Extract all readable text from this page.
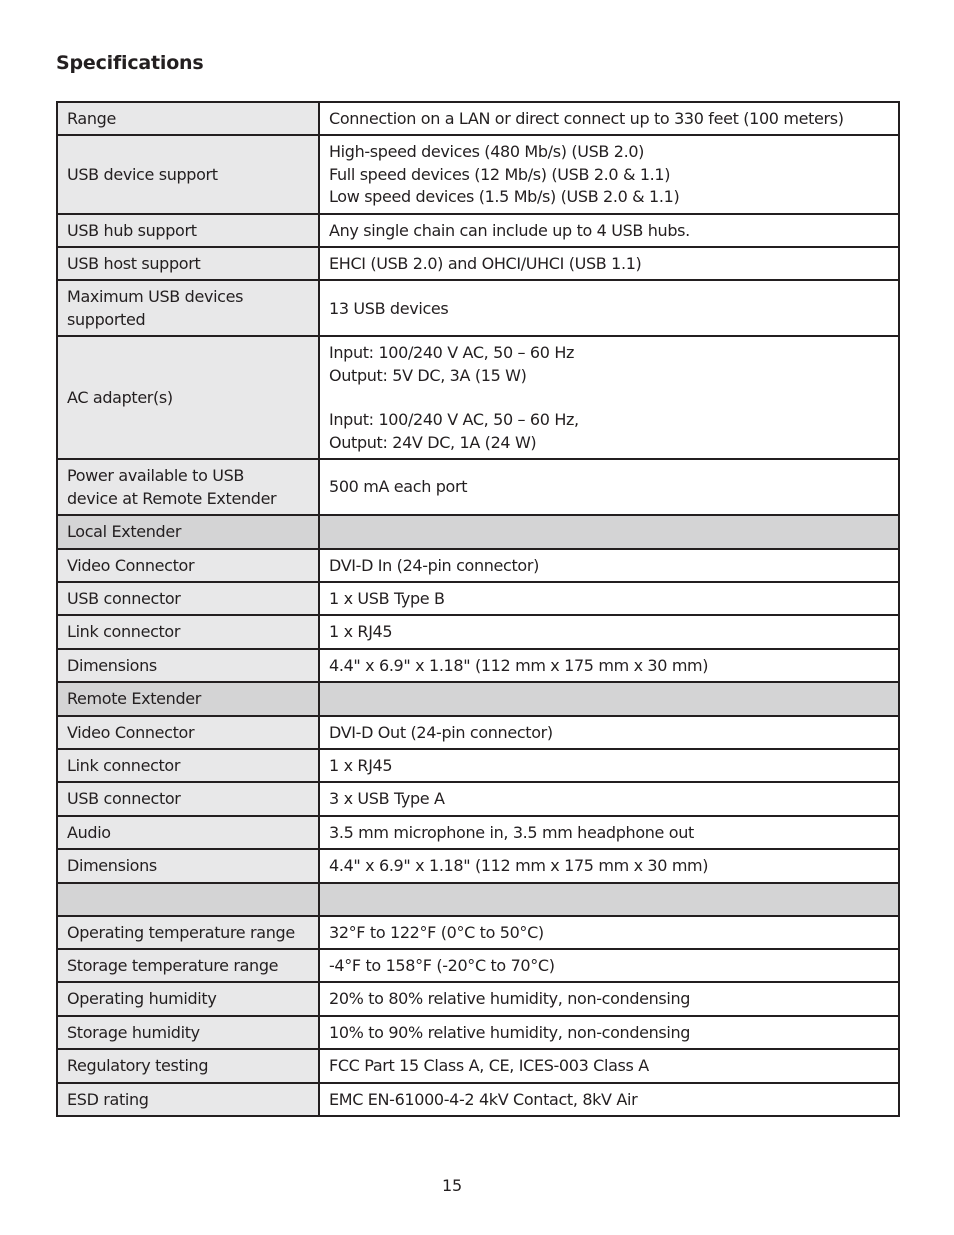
Specifications
Range	Connection on a LAN or direct connect up to 330 feet (100 meters)
USB device support	High-speed devices (480 Mb/s) (USB 2.0)
Full speed devices (12 Mb/s) (USB 2.0 & 1.1)
Low speed devices (1.5 Mb/s) (USB 2.0 & 1.1)
USB hub support	Any single chain can include up to 4 USB hubs.
USB host support	EHCI (USB 2.0) and OHCI/UHCI (USB 1.1)
Maximum USB devices
supported	13 USB devices
AC adapter(s)	Input: 100/240 V AC, 50 – 60 Hz
Output: 5V DC, 3A (15 W)

Input: 100/240 V AC, 50 – 60 Hz,
Output: 24V DC, 1A (24 W)
Power available to USB
device at Remote Extender	500 mA each port
Local Extender	
Video Connector	DVI-D In (24-pin connector)
USB connector	1 x USB Type B
Link connector	1 x RJ45
Dimensions	4.4" x 6.9" x 1.18" (112 mm x 175 mm x 30 mm)
Remote Extender	
Video Connector	DVI-D Out (24-pin connector)
Link connector	1 x RJ45
USB connector	3 x USB Type A
Audio	3.5 mm microphone in, 3.5 mm headphone out
Dimensions	4.4" x 6.9" x 1.18" (112 mm x 175 mm x 30 mm)

Operating temperature range	32°F to 122°F (0°C to 50°C)
Storage temperature range	-4°F to 158°F (-20°C to 70°C)
Operating humidity	20% to 80% relative humidity, non-condensing
Storage humidity	10% to 90% relative humidity, non-condensing
Regulatory testing	FCC Part 15 Class A, CE, ICES-003 Class A
ESD rating	EMC EN-61000-4-2 4kV Contact, 8kV Air
15
